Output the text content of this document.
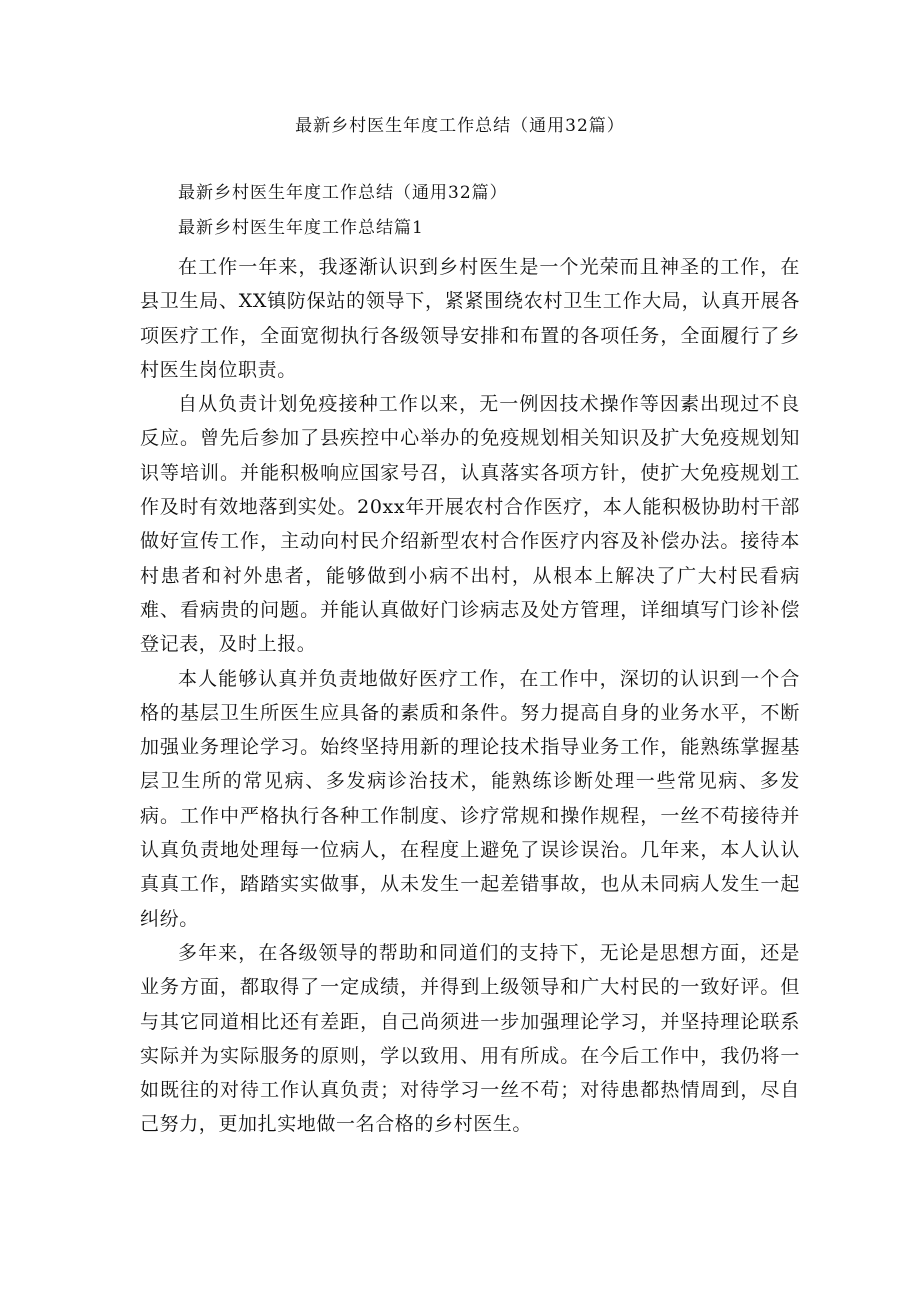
最新乡村医生年度工作总结（通用32篇）
最新乡村医生年度工作总结（通用32篇）
最新乡村医生年度工作总结篇1

在工作一年来，我逐渐认识到乡村医生是一个光荣而且神圣的工作，在县卫生局、XX镇防保站的领导下，紧紧围绕农村卫生工作大局，认真开展各项医疗工作，全面宽彻执行各级领导安排和布置的各项任务，全面履行了乡村医生岗位职责。

自从负责计划免疫接种工作以来，无一例因技术操作等因素出现过不良反应。曾先后参加了县疾控中心举办的免疫规划相关知识及扩大免疫规划知识等培训。并能积极响应国家号召，认真落实各项方针，使扩大免疫规划工作及时有效地落到实处。20xx年开展农村合作医疗，本人能积极协助村干部做好宣传工作，主动向村民介绍新型农村合作医疗内容及补偿办法。接待本村患者和衬外患者，能够做到小病不出村，从根本上解决了广大村民看病难、看病贵的问题。并能认真做好门诊病志及处方管理，详细填写门诊补偿登记表，及时上报。

本人能够认真并负责地做好医疗工作，在工作中，深切的认识到一个合格的基层卫生所医生应具备的素质和条件。努力提高自身的业务水平，不断加强业务理论学习。始终坚持用新的理论技术指导业务工作，能熟练掌握基层卫生所的常见病、多发病诊治技术，能熟练诊断处理一些常见病、多发病。工作中严格执行各种工作制度、诊疗常规和操作规程，一丝不苟接待并认真负责地处理每一位病人，在程度上避免了误诊误治。几年来，本人认认真真工作，踏踏实实做事，从未发生一起差错事故，也从未同病人发生一起纠纷。

多年来，在各级领导的帮助和同道们的支持下，无论是思想方面，还是业务方面，都取得了一定成绩，并得到上级领导和广大村民的一致好评。但与其它同道相比还有差距，自己尚须进一步加强理论学习，并坚持理论联系实际并为实际服务的原则，学以致用、用有所成。在今后工作中，我仍将一如既往的对待工作认真负责；对待学习一丝不苟；对待患都热情周到，尽自己努力，更加扎实地做一名合格的乡村医生。
